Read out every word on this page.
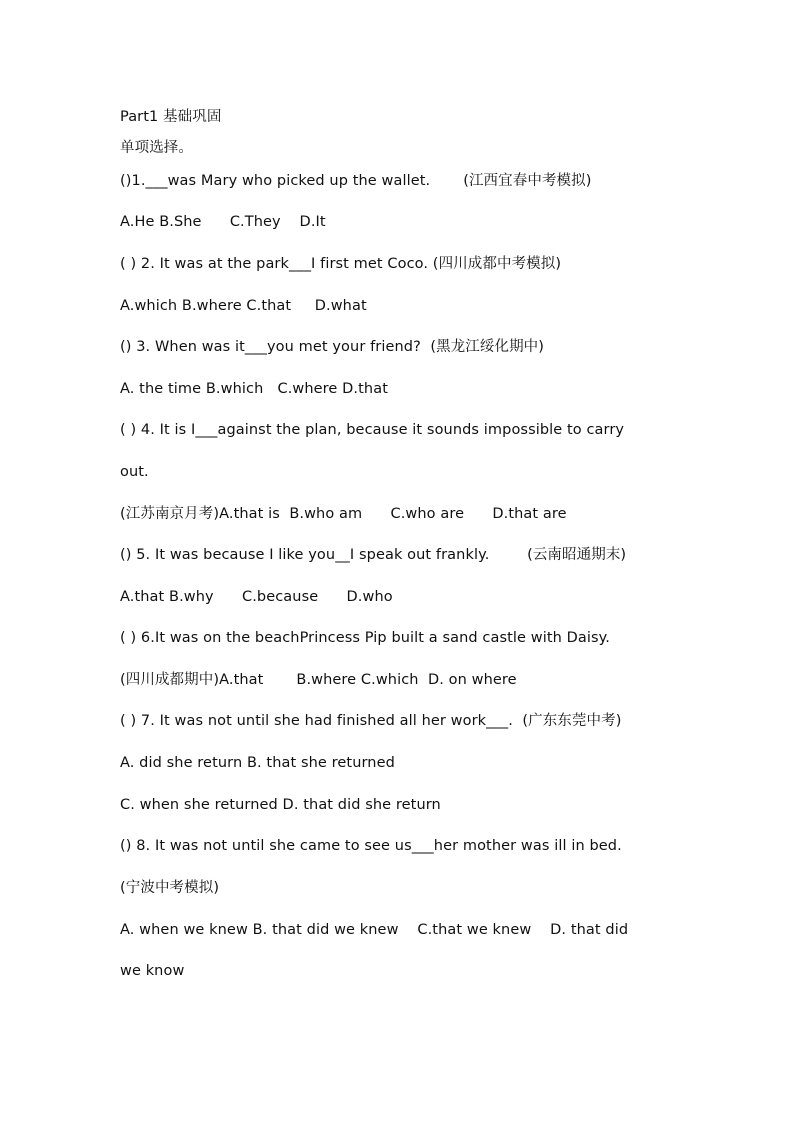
Part1 基础巩固
单项选择。
()1.___was Mary who picked up the wallet.       (江西宜春中考模拟)
A.He B.She      C.They    D.It
( ) 2. It was at the park___I first met Coco. (四川成都中考模拟)
A.which B.where C.that     D.what
() 3. When was it___you met your friend?  (黑龙江绥化期中)
A. the time B.which   C.where D.that
( ) 4. It is I___against the plan, because it sounds impossible to carry
out.
(江苏南京月考)A.that is  B.who am      C.who are      D.that are
() 5. It was because I like you__I speak out frankly.        (云南昭通期末)
A.that B.why      C.because      D.who
( ) 6.It was on the beachPrincess Pip built a sand castle with Daisy.
(四川成都期中)A.that       B.where C.which  D. on where
( ) 7. It was not until she had finished all her work___.  (广东东莞中考)
A. did she return B. that she returned
C. when she returned D. that did she return
() 8. It was not until she came to see us___her mother was ill in bed.
(宁波中考模拟)
A. when we knew B. that did we knew    C.that we knew    D. that did
we know
